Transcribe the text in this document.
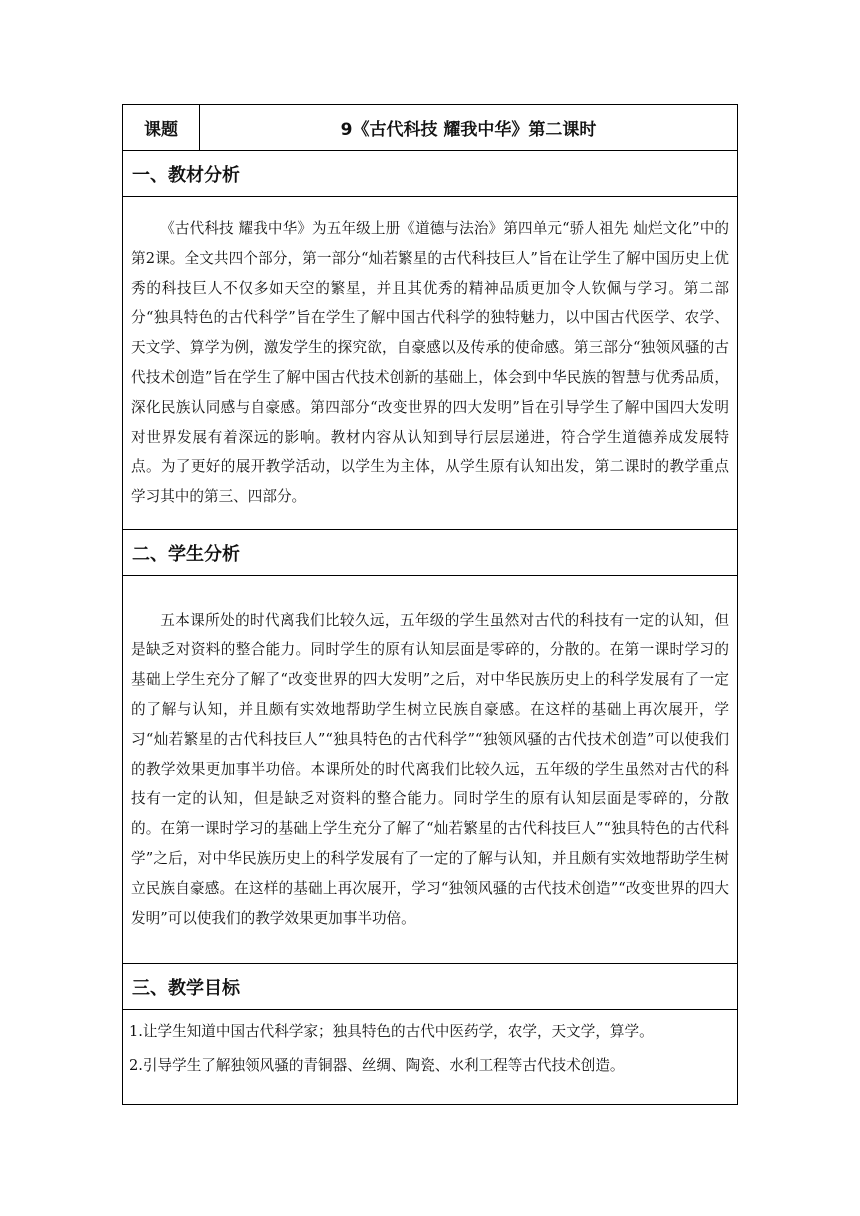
课题	9《古代科技 耀我中华》第二课时
一、教材分析

《古代科技 耀我中华》为五年级上册《道德与法治》第四单元“骄人祖先 灿烂文化”中的第2课。全文共四个部分，第一部分“灿若繁星的古代科技巨人”旨在让学生了解中国历史上优秀的科技巨人不仅多如天空的繁星，并且其优秀的精神品质更加令人钦佩与学习。第二部分“独具特色的古代科学”旨在学生了解中国古代科学的独特魅力，以中国古代医学、农学、天文学、算学为例，激发学生的探究欲，自豪感以及传承的使命感。第三部分“独领风骚的古代技术创造”旨在学生了解中国古代技术创新的基础上，体会到中华民族的智慧与优秀品质，深化民族认同感与自豪感。第四部分“改变世界的四大发明”旨在引导学生了解中国四大发明对世界发展有着深远的影响。教材内容从认知到导行层层递进，符合学生道德养成发展特点。为了更好的展开教学活动，以学生为主体，从学生原有认知出发，第二课时的教学重点学习其中的第三、四部分。

二、学生分析

五本课所处的时代离我们比较久远，五年级的学生虽然对古代的科技有一定的认知，但是缺乏对资料的整合能力。同时学生的原有认知层面是零碎的，分散的。在第一课时学习的基础上学生充分了解了“改变世界的四大发明”之后，对中华民族历史上的科学发展有了一定的了解与认知，并且颇有实效地帮助学生树立民族自豪感。在这样的基础上再次展开，学习“灿若繁星的古代科技巨人”“独具特色的古代科学”“独领风骚的古代技术创造”可以使我们的教学效果更加事半功倍。本课所处的时代离我们比较久远，五年级的学生虽然对古代的科技有一定的认知，但是缺乏对资料的整合能力。同时学生的原有认知层面是零碎的，分散的。在第一课时学习的基础上学生充分了解了“灿若繁星的古代科技巨人”“独具特色的古代科学”之后，对中华民族历史上的科学发展有了一定的了解与认知，并且颇有实效地帮助学生树立民族自豪感。在这样的基础上再次展开，学习“独领风骚的古代技术创造”“改变世界的四大发明”可以使我们的教学效果更加事半功倍。

三、教学目标

1.让学生知道中国古代科学家；独具特色的古代中医药学，农学，天文学，算学。

2.引导学生了解独领风骚的青铜器、丝绸、陶瓷、水利工程等古代技术创造。
